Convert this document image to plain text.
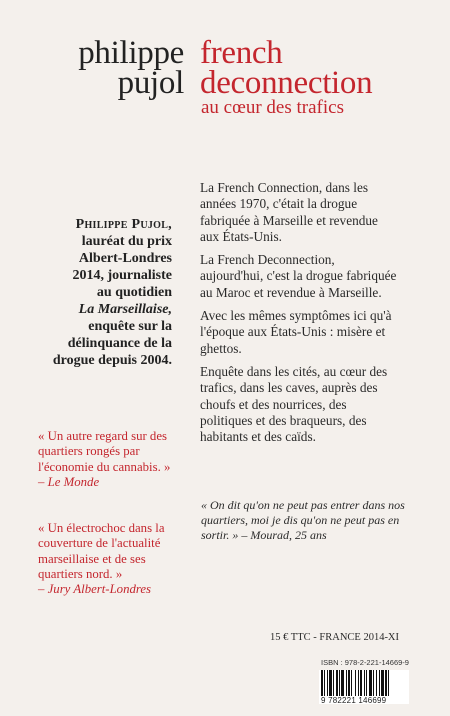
philippe
pujol
french
deconnection
au cœur des trafics
Philippe Pujol,
lauréat du prix
Albert-Londres
2014, journaliste
au quotidien
La Marseillaise,
enquête sur la
délinquance de la
drogue depuis 2004.

La French Connection, dans les années 1970, c'était la drogue fabriquée à Marseille et revendue aux États-Unis.

La French Deconnection, aujourd'hui, c'est la drogue fabriquée au Maroc et revendue à Marseille.

Avec les mêmes symptômes ici qu'à l'époque aux États-Unis : misère et ghettos.

Enquête dans les cités, au cœur des trafics, dans les caves, auprès des choufs et des nourrices, des politiques et des braqueurs, des habitants et des caïds.

« Un autre regard sur des quartiers rongés par l'économie du cannabis. »
– Le Monde
« Un électrochoc dans la couverture de l'actualité marseillaise et de ses quartiers nord. »
– Jury Albert-Londres
« On dit qu'on ne peut pas entrer dans nos quartiers, moi je dis qu'on ne peut pas en sortir. » – Mourad, 25 ans
15 € TTC - FRANCE 2014-XI
ISBN : 978-2-221-14669-9
9 782221 146699
